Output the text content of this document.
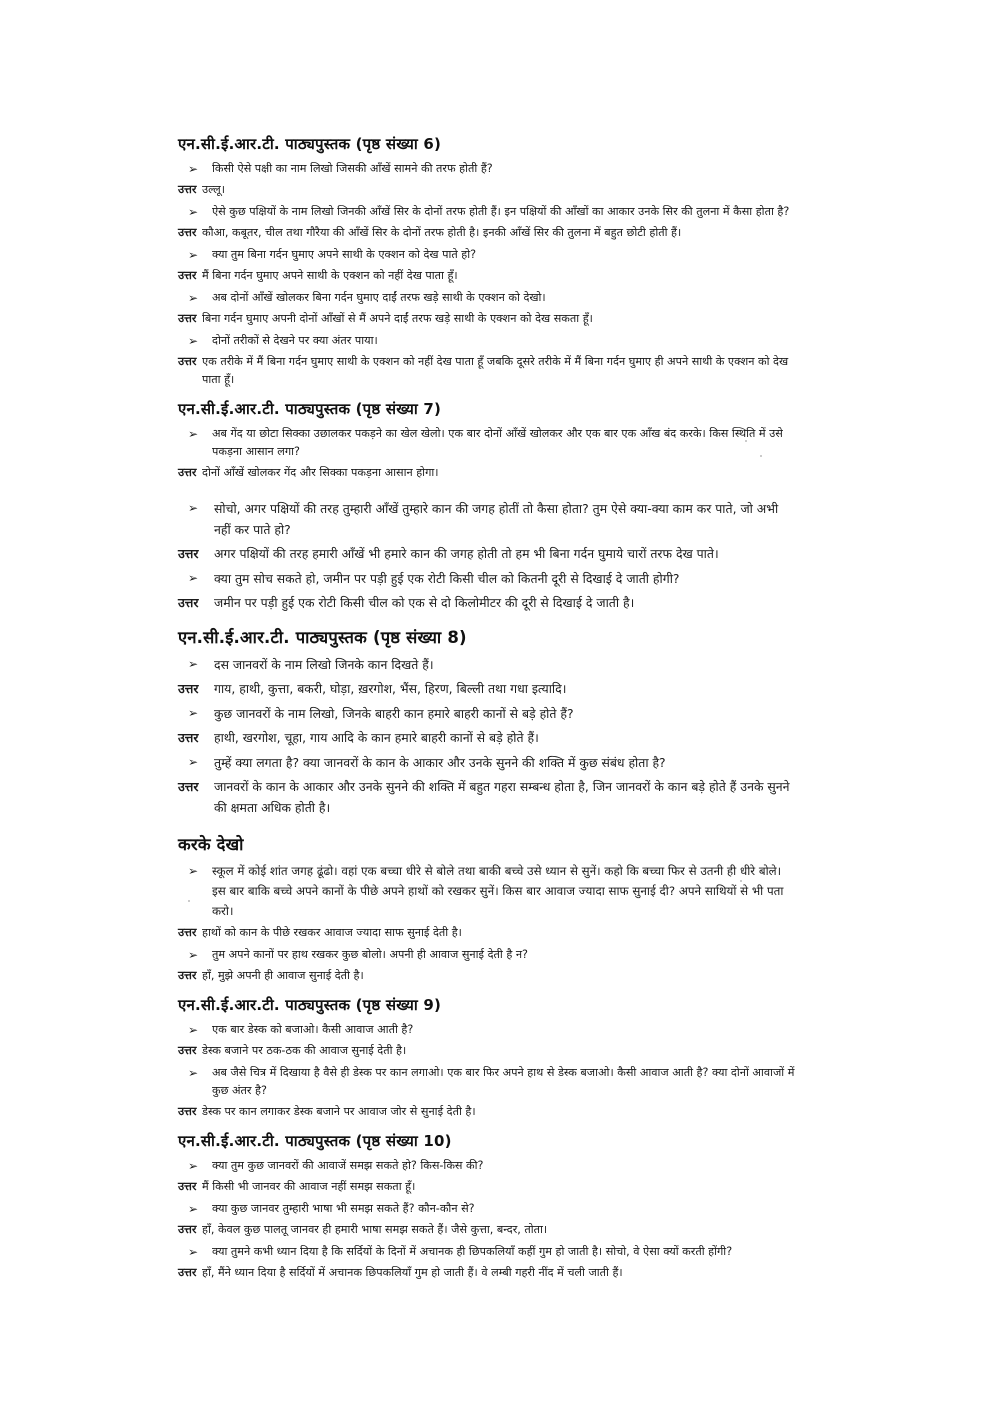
एन.सी.ई.आर.टी. पाठ्यपुस्तक (पृष्ठ संख्या 6)
➢ किसी ऐसे पक्षी का नाम लिखो जिसकी आँखें सामने की तरफ होती हैं?
उत्तर उल्लू।
➢ ऐसे कुछ पक्षियों के नाम लिखो जिनकी आँखें सिर के दोनों तरफ होती हैं। इन पक्षियों की आँखों का आकार उनके सिर की तुलना में कैसा होता है?
उत्तर कौआ, कबूतर, चील तथा गौरैया की आँखें सिर के दोनों तरफ होती है। इनकी आँखें सिर की तुलना में बहुत छोटी होती हैं।
➢ क्या तुम बिना गर्दन घुमाए अपने साथी के एक्शन को देख पाते हो?
उत्तर मैं बिना गर्दन घुमाए अपने साथी के एक्शन को नहीं देख पाता हूँ।
➢ अब दोनों आँखें खोलकर बिना गर्दन घुमाए दाईं तरफ खड़े साथी के एक्शन को देखो।
उत्तर बिना गर्दन घुमाए अपनी दोनों आँखों से मैं अपने दाईं तरफ खड़े साथी के एक्शन को देख सकता हूँ।
➢ दोनों तरीकों से देखने पर क्या अंतर पाया।
उत्तर एक तरीके में मैं बिना गर्दन घुमाए साथी के एक्शन को नहीं देख पाता हूँ जबकि दूसरे तरीके में मैं बिना गर्दन घुमाए ही अपने साथी के एक्शन को देख पाता हूँ।
एन.सी.ई.आर.टी. पाठ्यपुस्तक (पृष्ठ संख्या 7)
➢ अब गेंद या छोटा सिक्का उछालकर पकड़ने का खेल खेलो। एक बार दोनों आँखें खोलकर और एक बार एक आँख बंद करके। किस स्थिति में उसे पकड़ना आसान लगा?
उत्तर दोनों आँखें खोलकर गेंद और सिक्का पकड़ना आसान होगा।
➢ सोचो, अगर पक्षियों की तरह तुम्हारी आँखें तुम्हारे कान की जगह होतीं तो कैसा होता? तुम ऐसे क्या-क्या काम कर पाते, जो अभी नहीं कर पाते हो?
उत्तर अगर पक्षियों की तरह हमारी आँखें भी हमारे कान की जगह होती तो हम भी बिना गर्दन घुमाये चारों तरफ देख पाते।
➢ क्या तुम सोच सकते हो, जमीन पर पड़ी हुई एक रोटी किसी चील को कितनी दूरी से दिखाई दे जाती होगी?
उत्तर जमीन पर पड़ी हुई एक रोटी किसी चील को एक से दो किलोमीटर की दूरी से दिखाई दे जाती है।
एन.सी.ई.आर.टी. पाठ्यपुस्तक (पृष्ठ संख्या 8)
➢ दस जानवरों के नाम लिखो जिनके कान दिखते हैं।
उत्तर गाय, हाथी, कुत्ता, बकरी, घोड़ा, ख़रगोश, भैंस, हिरण, बिल्ली तथा गधा इत्यादि।
➢ कुछ जानवरों के नाम लिखो, जिनके बाहरी कान हमारे बाहरी कानों से बड़े होते हैं?
उत्तर हाथी, खरगोश, चूहा, गाय आदि के कान हमारे बाहरी कानों से बड़े होते हैं।
➢ तुम्हें क्या लगता है? क्या जानवरों के कान के आकार और उनके सुनने की शक्ति में कुछ संबंध होता है?
उत्तर जानवरों के कान के आकार और उनके सुनने की शक्ति में बहुत गहरा सम्बन्ध होता है, जिन जानवरों के कान बड़े होते हैं उनके सुनने की क्षमता अधिक होती है।
करके देखो
➢ स्कूल में कोई शांत जगह ढूंढो। वहां एक बच्चा धीरे से बोले तथा बाकी बच्चे उसे ध्यान से सुनें। कहो कि बच्चा फिर से उतनी ही धीरे बोले। इस बार बाकि बच्चे अपने कानों के पीछे अपने हाथों को रखकर सुनें। किस बार आवाज ज्यादा साफ सुनाई दी? अपने साथियों से भी पता करो।
उत्तर हाथों को कान के पीछे रखकर आवाज ज्यादा साफ सुनाई देती है।
➢ तुम अपने कानों पर हाथ रखकर कुछ बोलो। अपनी ही आवाज सुनाई देती है न?
उत्तर हाँ, मुझे अपनी ही आवाज सुनाई देती है।
एन.सी.ई.आर.टी. पाठ्यपुस्तक (पृष्ठ संख्या 9)
➢ एक बार डेस्क को बजाओ। कैसी आवाज आती है?
उत्तर डेस्क बजाने पर ठक-ठक की आवाज सुनाई देती है।
➢ अब जैसे चित्र में दिखाया है वैसे ही डेस्क पर कान लगाओ। एक बार फिर अपने हाथ से डेस्क बजाओ। कैसी आवाज आती है? क्या दोनों आवाजों में कुछ अंतर है?
उत्तर डेस्क पर कान लगाकर डेस्क बजाने पर आवाज जोर से सुनाई देती है।
एन.सी.ई.आर.टी. पाठ्यपुस्तक (पृष्ठ संख्या 10)
➢ क्या तुम कुछ जानवरों की आवाजें समझ सकते हो? किस-किस की?
उत्तर मैं किसी भी जानवर की आवाज नहीं समझ सकता हूँ।
➢ क्या कुछ जानवर तुम्हारी भाषा भी समझ सकते हैं? कौन-कौन से?
उत्तर हाँ, केवल कुछ पालतू जानवर ही हमारी भाषा समझ सकते हैं। जैसे कुत्ता, बन्दर, तोता।
➢ क्या तुमने कभी ध्यान दिया है कि सर्दियों के दिनों में अचानक ही छिपकलियाँ कहीं गुम हो जाती है। सोचो, वे ऐसा क्यों करती होंगी?
उत्तर हाँ, मैंने ध्यान दिया है सर्दियों में अचानक छिपकलियाँ गुम हो जाती हैं। वे लम्बी गहरी नींद में चली जाती हैं।
